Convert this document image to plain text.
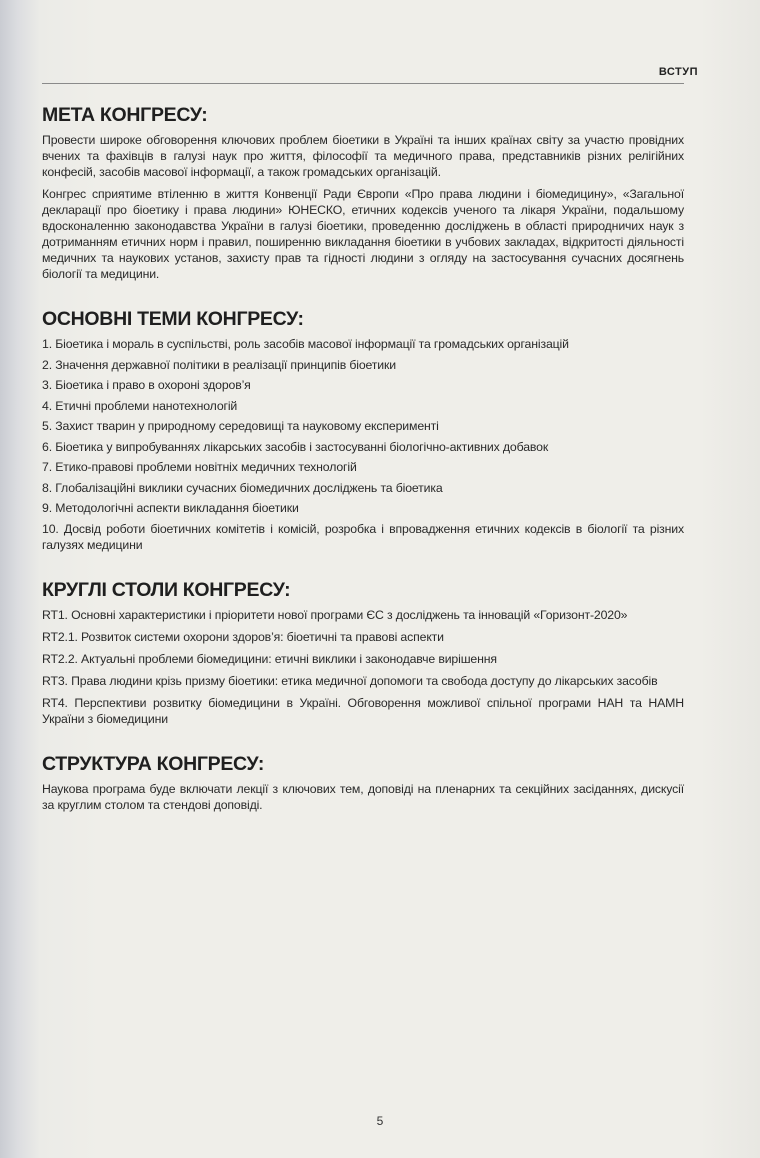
ВСТУП
МЕТА КОНГРЕСУ:

Провести широке обговорення ключових проблем біоетики в Україні та інших країнах світу за участю провідних вчених та фахівців в галузі наук про життя, філософії та медичного права, представників різних релігійних конфесій, засобів масової інформації, а також громадських організацій.

Конгрес сприятиме втіленню в життя Конвенції Ради Європи «Про права людини і біомедицину», «Загальної декларації про біоетику і права людини» ЮНЕСКО, етичних кодексів ученого та лікаря України, подальшому вдосконаленню законодавства України в галузі біоетики, проведенню досліджень в області природничих наук з дотриманням етичних норм і правил, поширенню викладання біоетики в учбових закладах, відкритості діяльності медичних та наукових установ, захисту прав та гідності людини з огляду на застосування сучасних досягнень біології та медицини.

ОСНОВНІ ТЕМИ КОНГРЕСУ:
1. Біоетика і мораль в суспільстві, роль засобів масової інформації та громадських організацій
2. Значення державної політики в реалізації принципів біоетики
3. Біоетика і право в охороні здоров’я
4. Етичні проблеми нанотехнологій
5. Захист тварин у природному середовищі та науковому експерименті
6. Біоетика у випробуваннях лікарських засобів і застосуванні біологічно-активних добавок
7. Етико-правові проблеми новітніх медичних технологій
8. Глобалізаційні виклики сучасних біомедичних досліджень та біоетика
9. Методологічні аспекти викладання біоетики
10. Досвід роботи біоетичних комітетів і комісій, розробка і впровадження етичних кодексів в біології та різних галузях медицини
КРУГЛІ СТОЛИ КОНГРЕСУ:
RT1. Основні характеристики і пріоритети нової програми ЄС з досліджень та інновацій «Горизонт-2020»
RT2.1. Розвиток системи охорони здоров’я: біоетичні та правові аспекти
RT2.2. Актуальні проблеми біомедицини: етичні виклики і законодавче вирішення
RT3. Права людини крізь призму біоетики: етика медичної допомоги та свобода доступу до лікарських засобів
RT4. Перспективи розвитку біомедицини в Україні. Обговорення можливої спільної програми НАН та НАМН України з біомедицини
СТРУКТУРА КОНГРЕСУ:

Наукова програма буде включати лекції з ключових тем, доповіді на пленарних та секційних засіданнях, дискусії за круглим столом та стендові доповіді.

5
